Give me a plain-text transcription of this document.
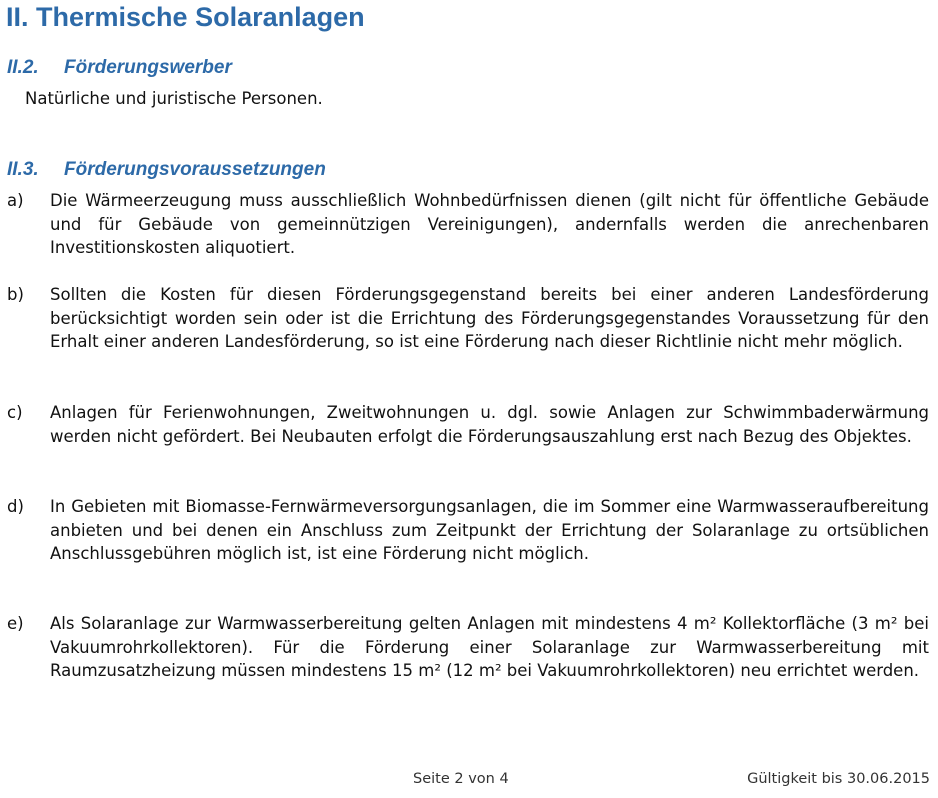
II. Thermische Solaranlagen
II.2. Förderungswerber
Natürliche und juristische Personen.
II.3. Förderungsvoraussetzungen
a) Die Wärmeerzeugung muss ausschließlich Wohnbedürfnissen dienen (gilt nicht für öffentliche Gebäude und für Gebäude von gemeinnützigen Vereinigungen), andernfalls werden die anrechenbaren Investitionskosten aliquotiert.
b) Sollten die Kosten für diesen Förderungsgegenstand bereits bei einer anderen Landesförderung berücksichtigt worden sein oder ist die Errichtung des Förderungsgegenstandes Voraussetzung für den Erhalt einer anderen Landesförderung, so ist eine Förderung nach dieser Richtlinie nicht mehr möglich.
c) Anlagen für Ferienwohnungen, Zweitwohnungen u. dgl. sowie Anlagen zur Schwimmbaderwärmung werden nicht gefördert. Bei Neubauten erfolgt die Förderungsauszahlung erst nach Bezug des Objektes.
d) In Gebieten mit Biomasse-Fernwärmeversorgungsanlagen, die im Sommer eine Warmwasseraufbereitung anbieten und bei denen ein Anschluss zum Zeitpunkt der Errichtung der Solaranlage zu ortsüblichen Anschlussgebühren möglich ist, ist eine Förderung nicht möglich.
e) Als Solaranlage zur Warmwasserbereitung gelten Anlagen mit mindestens 4 m² Kollektorfläche (3 m² bei Vakuumrohrkollektoren). Für die Förderung einer Solaranlage zur Warmwasserbereitung mit Raumzusatzheizung müssen mindestens 15 m² (12 m² bei Vakuumrohrkollektoren) neu errichtet werden.
Seite 2 von 4	Gültigkeit bis 30.06.2015
